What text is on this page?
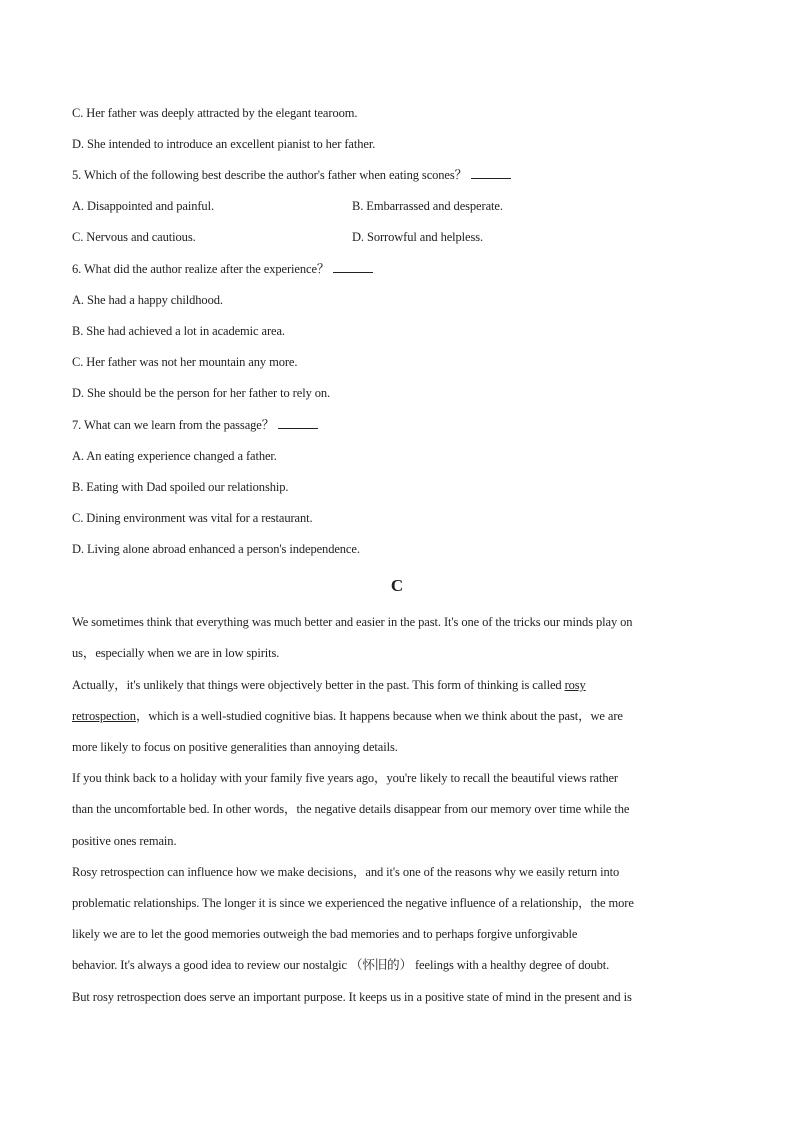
C. Her father was deeply attracted by the elegant tearoom.
D. She intended to introduce an excellent pianist to her father.
5. Which of the following best describe the author's father when eating scones？
A. Disappointed and painful.	B. Embarrassed and desperate.
C. Nervous and cautious.	D. Sorrowful and helpless.
6. What did the author realize after the experience？
A. She had a happy childhood.
B. She had achieved a lot in academic area.
C. Her father was not her mountain any more.
D. She should be the person for her father to rely on.
7. What can we learn from the passage？
A. An eating experience changed a father.
B. Eating with Dad spoiled our relationship.
C. Dining environment was vital for a restaurant.
D. Living alone abroad enhanced a person's independence.
C
We sometimes think that everything was much better and easier in the past. It's one of the tricks our minds play on
us，especially when we are in low spirits.
Actually，it's unlikely that things were objectively better in the past. This form of thinking is called rosy
retrospection，which is a well-studied cognitive bias. It happens because when we think about the past，we are
more likely to focus on positive generalities than annoying details.
If you think back to a holiday with your family five years ago，you're likely to recall the beautiful views rather
than the uncomfortable bed. In other words，the negative details disappear from our memory over time while the
positive ones remain.
Rosy retrospection can influence how we make decisions，and it's one of the reasons why we easily return into
problematic relationships. The longer it is since we experienced the negative influence of a relationship，the more
likely we are to let the good memories outweigh the bad memories and to perhaps forgive unforgivable
behavior. It's always a good idea to review our nostalgic （怀旧的） feelings with a healthy degree of doubt.
But rosy retrospection does serve an important purpose. It keeps us in a positive state of mind in the present and is
